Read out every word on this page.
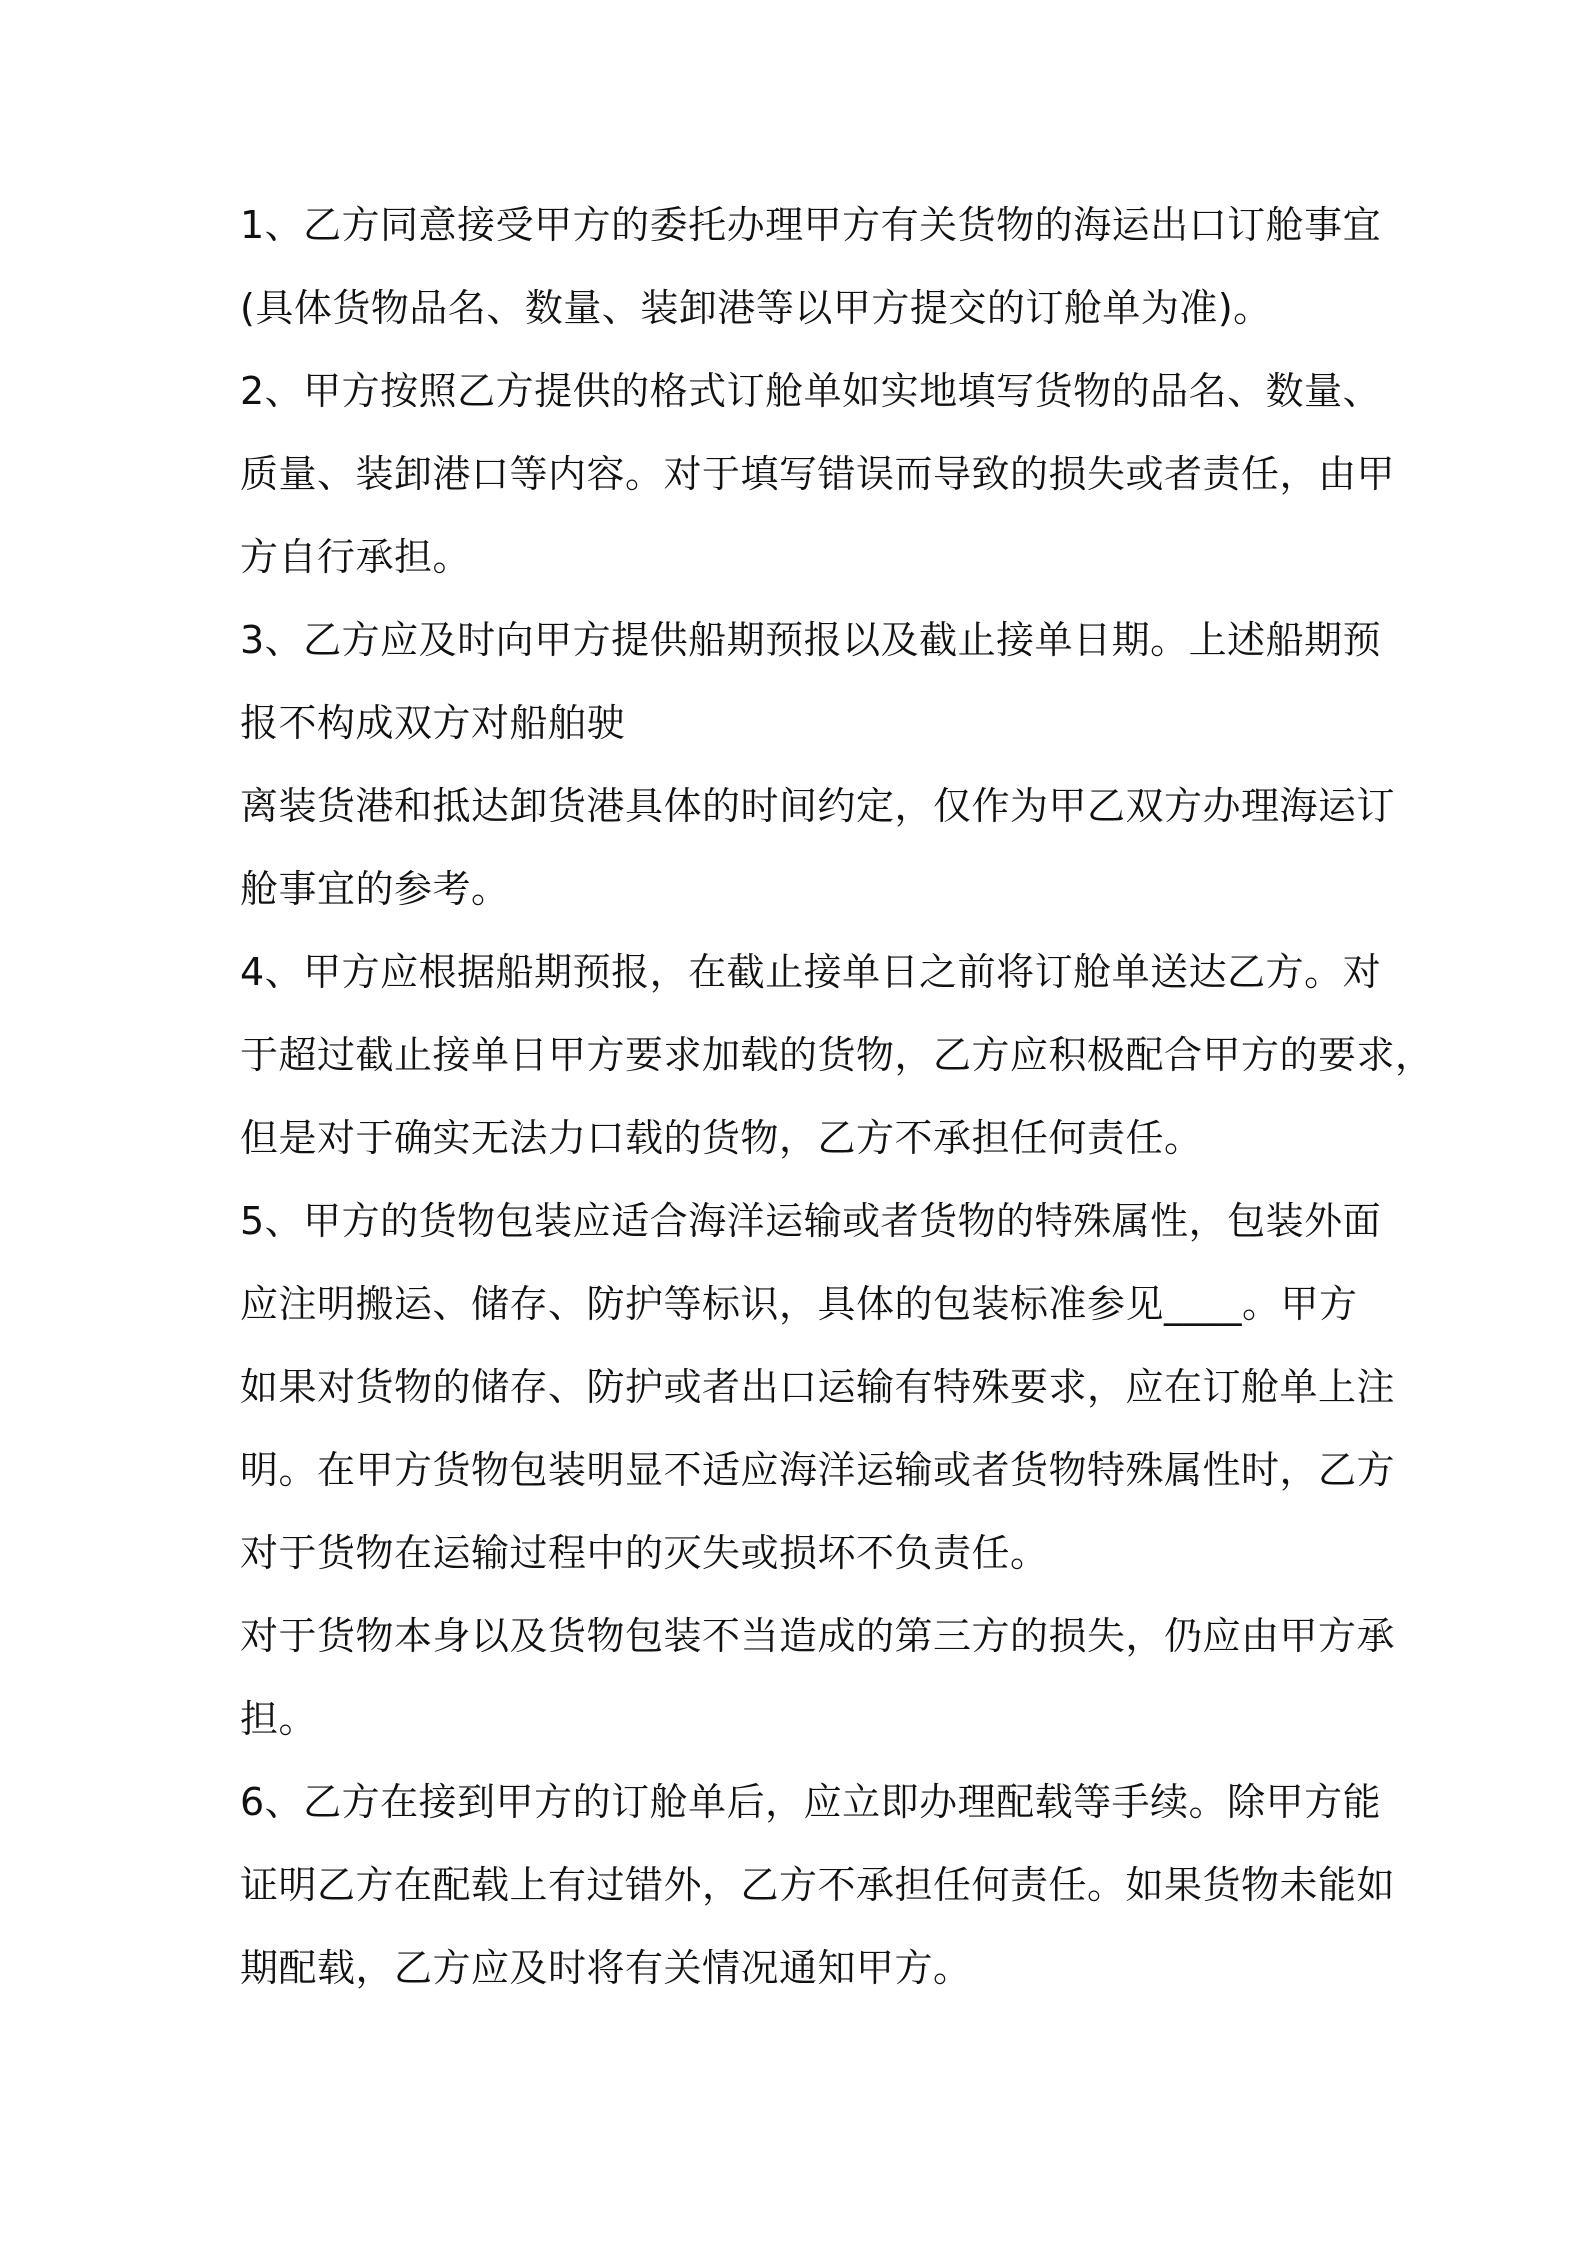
1、乙方同意接受甲方的委托办理甲方有关货物的海运出口订舱事宜
(具体货物品名、数量、装卸港等以甲方提交的订舱单为准)。
2、甲方按照乙方提供的格式订舱单如实地填写货物的品名、数量、
质量、装卸港口等内容。对于填写错误而导致的损失或者责任，由甲
方自行承担。
3、乙方应及时向甲方提供船期预报以及截止接单日期。上述船期预
报不构成双方对船舶驶
离装货港和抵达卸货港具体的时间约定，仅作为甲乙双方办理海运订
舱事宜的参考。
4、甲方应根据船期预报，在截止接单日之前将订舱单送达乙方。对
于超过截止接单日甲方要求加载的货物，乙方应积极配合甲方的要求，
但是对于确实无法力口载的货物，乙方不承担任何责任。
5、甲方的货物包装应适合海洋运输或者货物的特殊属性，包装外面
应注明搬运、储存、防护等标识，具体的包装标准参见____。甲方
如果对货物的储存、防护或者出口运输有特殊要求，应在订舱单上注
明。在甲方货物包装明显不适应海洋运输或者货物特殊属性时，乙方
对于货物在运输过程中的灭失或损坏不负责任。
对于货物本身以及货物包装不当造成的第三方的损失，仍应由甲方承
担。
6、乙方在接到甲方的订舱单后，应立即办理配载等手续。除甲方能
证明乙方在配载上有过错外，乙方不承担任何责任。如果货物未能如
期配载，乙方应及时将有关情况通知甲方。
